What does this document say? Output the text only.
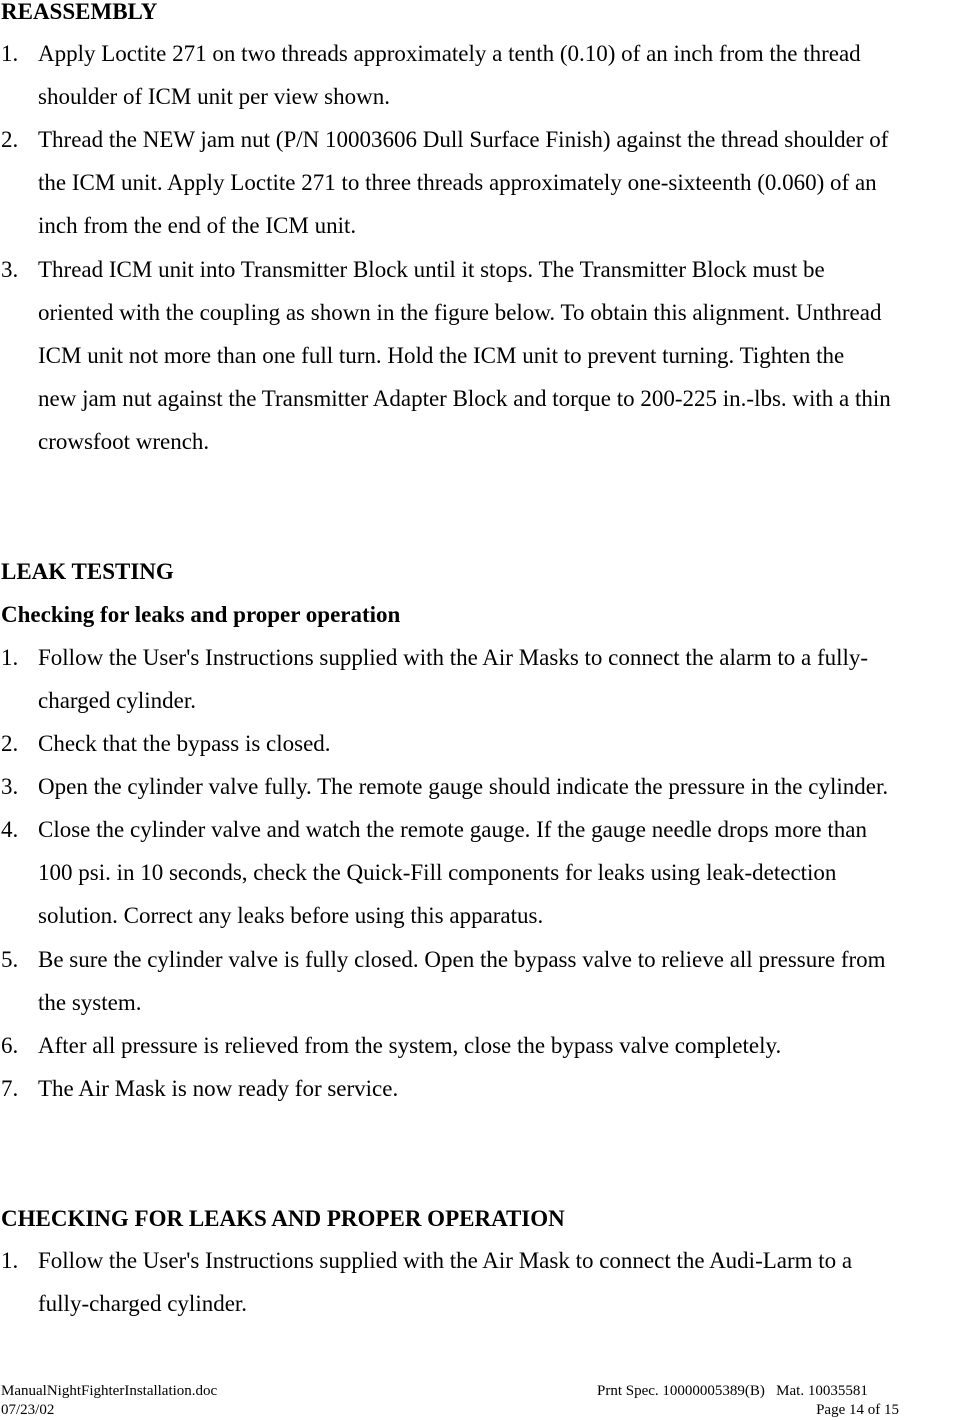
REASSEMBLY
1. Apply Loctite 271 on two threads approximately a tenth (0.10) of an inch from the thread
shoulder of ICM unit per view shown.
2. Thread the NEW jam nut (P/N 10003606 Dull Surface Finish) against the thread shoulder of
the ICM unit. Apply Loctite 271 to three threads approximately one-sixteenth (0.060) of an
inch from the end of the ICM unit.
3. Thread ICM unit into Transmitter Block until it stops. The Transmitter Block must be
oriented with the coupling as shown in the figure below. To obtain this alignment. Unthread
ICM unit not more than one full turn. Hold the ICM unit to prevent turning. Tighten the
new jam nut against the Transmitter Adapter Block and torque to 200-225 in.-lbs. with a thin
crowsfoot wrench.
LEAK TESTING
Checking for leaks and proper operation
1. Follow the User's Instructions supplied with the Air Masks to connect the alarm to a fully-
charged cylinder.
2. Check that the bypass is closed.
3. Open the cylinder valve fully. The remote gauge should indicate the pressure in the cylinder.
4. Close the cylinder valve and watch the remote gauge. If the gauge needle drops more than
100 psi. in 10 seconds, check the Quick-Fill components for leaks using leak-detection
solution. Correct any leaks before using this apparatus.
5. Be sure the cylinder valve is fully closed. Open the bypass valve to relieve all pressure from
the system.
6. After all pressure is relieved from the system, close the bypass valve completely.
7. The Air Mask is now ready for service.
CHECKING FOR LEAKS AND PROPER OPERATION
1. Follow the User's Instructions supplied with the Air Mask to connect the Audi-Larm to a
fully-charged cylinder.
ManualNightFighterInstallation.doc
07/23/02
Prnt Spec. 10000005389(B)   Mat. 10035581
Page 14 of 15
